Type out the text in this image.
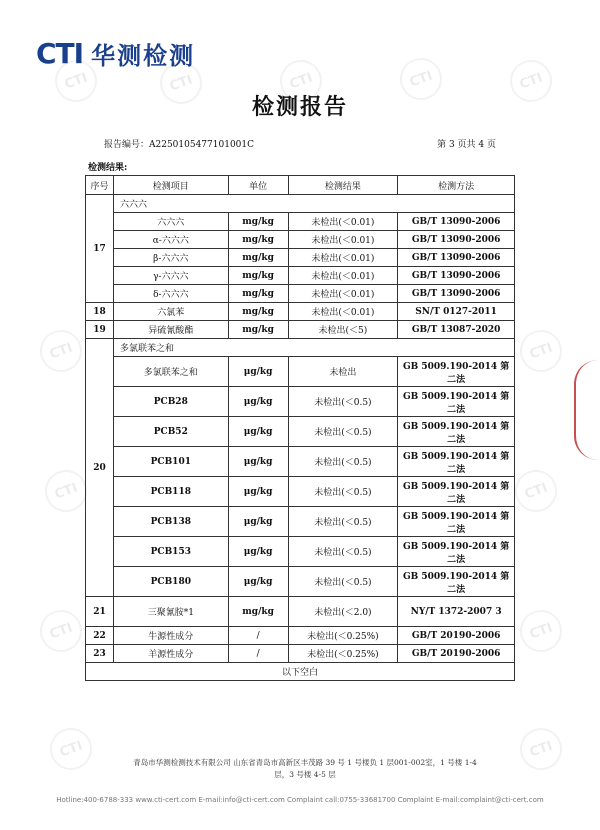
CTI 华测检测
CTI	CTI	CTI	CTI	CTI
CTI	CTI
CTI	CTI
CTI	CTI
CTI	CTI
检测报告
报告编号：A2250105477101001C	第 3 页共 4 页
检测结果:
序号	检测项目	单位	检测结果	检测方法
17	六六六			
	六六六	mg/kg	未检出(＜0.01)	GB/T 13090-2006
	α-六六六	mg/kg	未检出(＜0.01)	GB/T 13090-2006
	β-六六六	mg/kg	未检出(＜0.01)	GB/T 13090-2006
	γ-六六六	mg/kg	未检出(＜0.01)	GB/T 13090-2006
	δ-六六六	mg/kg	未检出(＜0.01)	GB/T 13090-2006
18	六氯苯	mg/kg	未检出(＜0.01)	SN/T 0127-2011
19	异硫氰酸酯	mg/kg	未检出(＜5)	GB/T 13087-2020
20	多氯联苯之和			
	多氯联苯之和	μg/kg	未检出	GB 5009.190-2014 第二法
	PCB28	μg/kg	未检出(＜0.5)	GB 5009.190-2014 第二法
	PCB52	μg/kg	未检出(＜0.5)	GB 5009.190-2014 第二法
	PCB101	μg/kg	未检出(＜0.5)	GB 5009.190-2014 第二法
	PCB118	μg/kg	未检出(＜0.5)	GB 5009.190-2014 第二法
	PCB138	μg/kg	未检出(＜0.5)	GB 5009.190-2014 第二法
	PCB153	μg/kg	未检出(＜0.5)	GB 5009.190-2014 第二法
	PCB180	μg/kg	未检出(＜0.5)	GB 5009.190-2014 第二法
21	三聚氰胺*1	mg/kg	未检出(＜2.0)	NY/T 1372-2007 3
22	牛源性成分	/	未检出(＜0.25%)	GB/T 20190-2006
23	羊源性成分	/	未检出(＜0.25%)	GB/T 20190-2006
以下空白				
青岛市华测检测技术有限公司 山东省青岛市高新区丰茂路 39 号 1 号楼负 1 层001-002室，1 号楼 1-4
层，3 号楼 4-5 层
Hotline:400-6788-333 www.cti-cert.com E-mail:info@cti-cert.com Complaint call:0755-33681700 Complaint E-mail:complaint@cti-cert.com
